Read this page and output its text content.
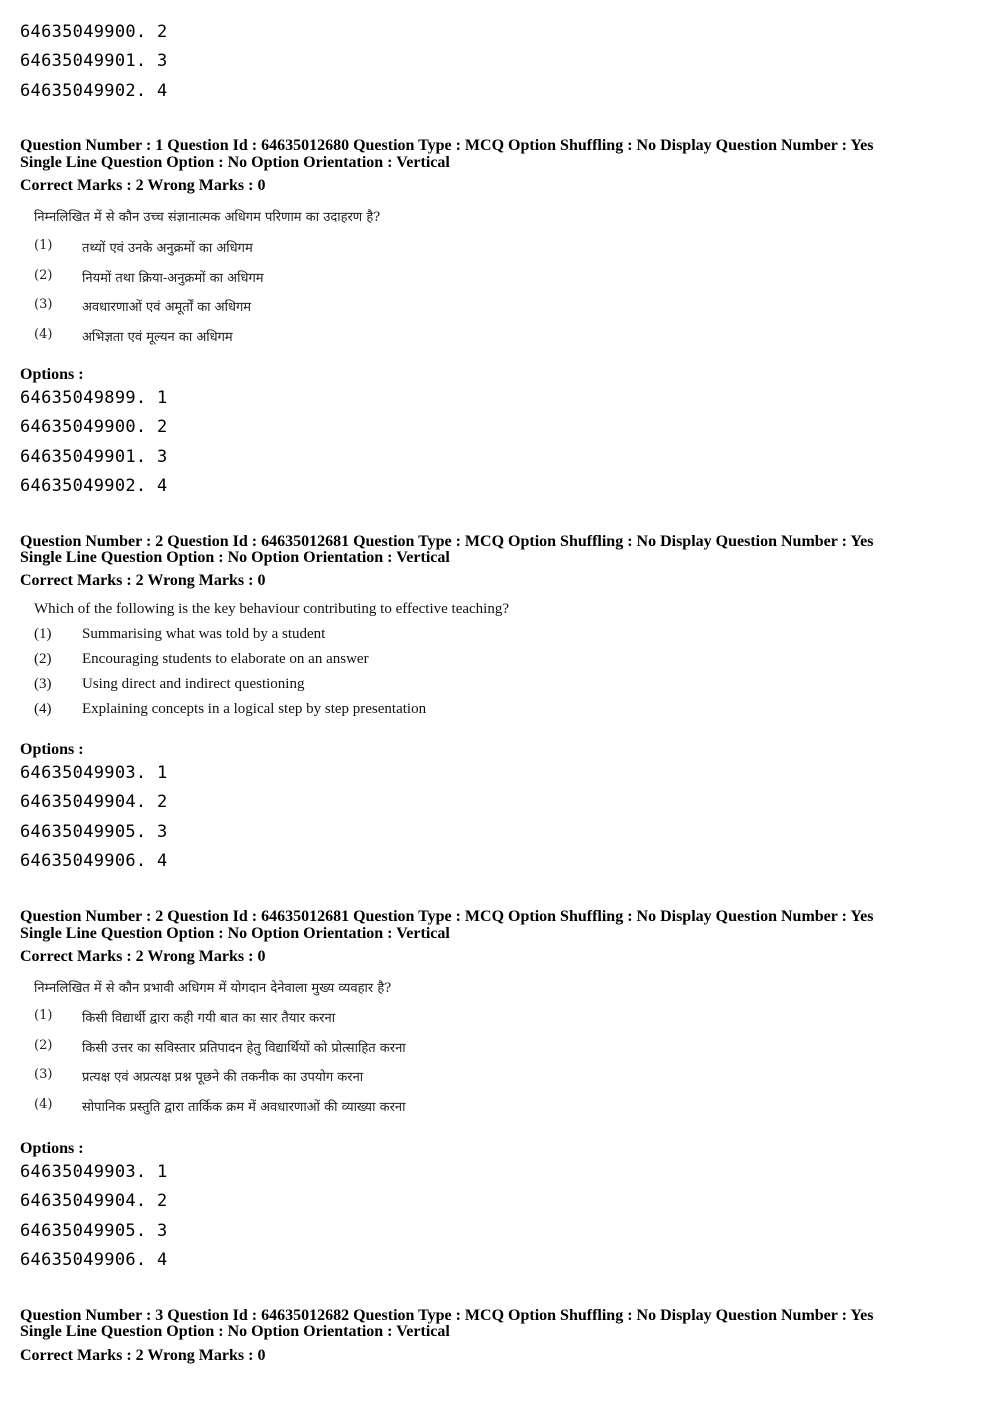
64635049900. 2
64635049901. 3
64635049902. 4
Question Number : 1 Question Id : 64635012680 Question Type : MCQ Option Shuffling : No Display Question Number : Yes
Single Line Question Option : No Option Orientation : Vertical
Correct Marks : 2 Wrong Marks : 0
निम्नलिखित में से कौन उच्च संज्ञानात्मक अधिगम परिणाम का उदाहरण है?
(1) तथ्यों एवं उनके अनुक्रमों का अधिगम
(2) नियमों तथा क्रिया-अनुक्रमों का अधिगम
(3) अवधारणाओं एवं अमूर्तों का अधिगम
(4) अभिज्ञता एवं मूल्यन का अधिगम
Options :
64635049899. 1
64635049900. 2
64635049901. 3
64635049902. 4
Question Number : 2 Question Id : 64635012681 Question Type : MCQ Option Shuffling : No Display Question Number : Yes
Single Line Question Option : No Option Orientation : Vertical
Correct Marks : 2 Wrong Marks : 0
Which of the following is the key behaviour contributing to effective teaching?
(1) Summarising what was told by a student
(2) Encouraging students to elaborate on an answer
(3) Using direct and indirect questioning
(4) Explaining concepts in a logical step by step presentation
Options :
64635049903. 1
64635049904. 2
64635049905. 3
64635049906. 4
Question Number : 2 Question Id : 64635012681 Question Type : MCQ Option Shuffling : No Display Question Number : Yes
Single Line Question Option : No Option Orientation : Vertical
Correct Marks : 2 Wrong Marks : 0
निम्नलिखित में से कौन प्रभावी अधिगम में योगदान देनेवाला मुख्य व्यवहार है?
(1) किसी विद्यार्थी द्वारा कही गयी बात का सार तैयार करना
(2) किसी उत्तर का सविस्तार प्रतिपादन हेतु विद्यार्थियों को प्रोत्साहित करना
(3) प्रत्यक्ष एवं अप्रत्यक्ष प्रश्न पूछने की तकनीक का उपयोग करना
(4) सोपानिक प्रस्तुति द्वारा तार्किक क्रम में अवधारणाओं की व्याख्या करना
Options :
64635049903. 1
64635049904. 2
64635049905. 3
64635049906. 4
Question Number : 3 Question Id : 64635012682 Question Type : MCQ Option Shuffling : No Display Question Number : Yes
Single Line Question Option : No Option Orientation : Vertical
Correct Marks : 2 Wrong Marks : 0
